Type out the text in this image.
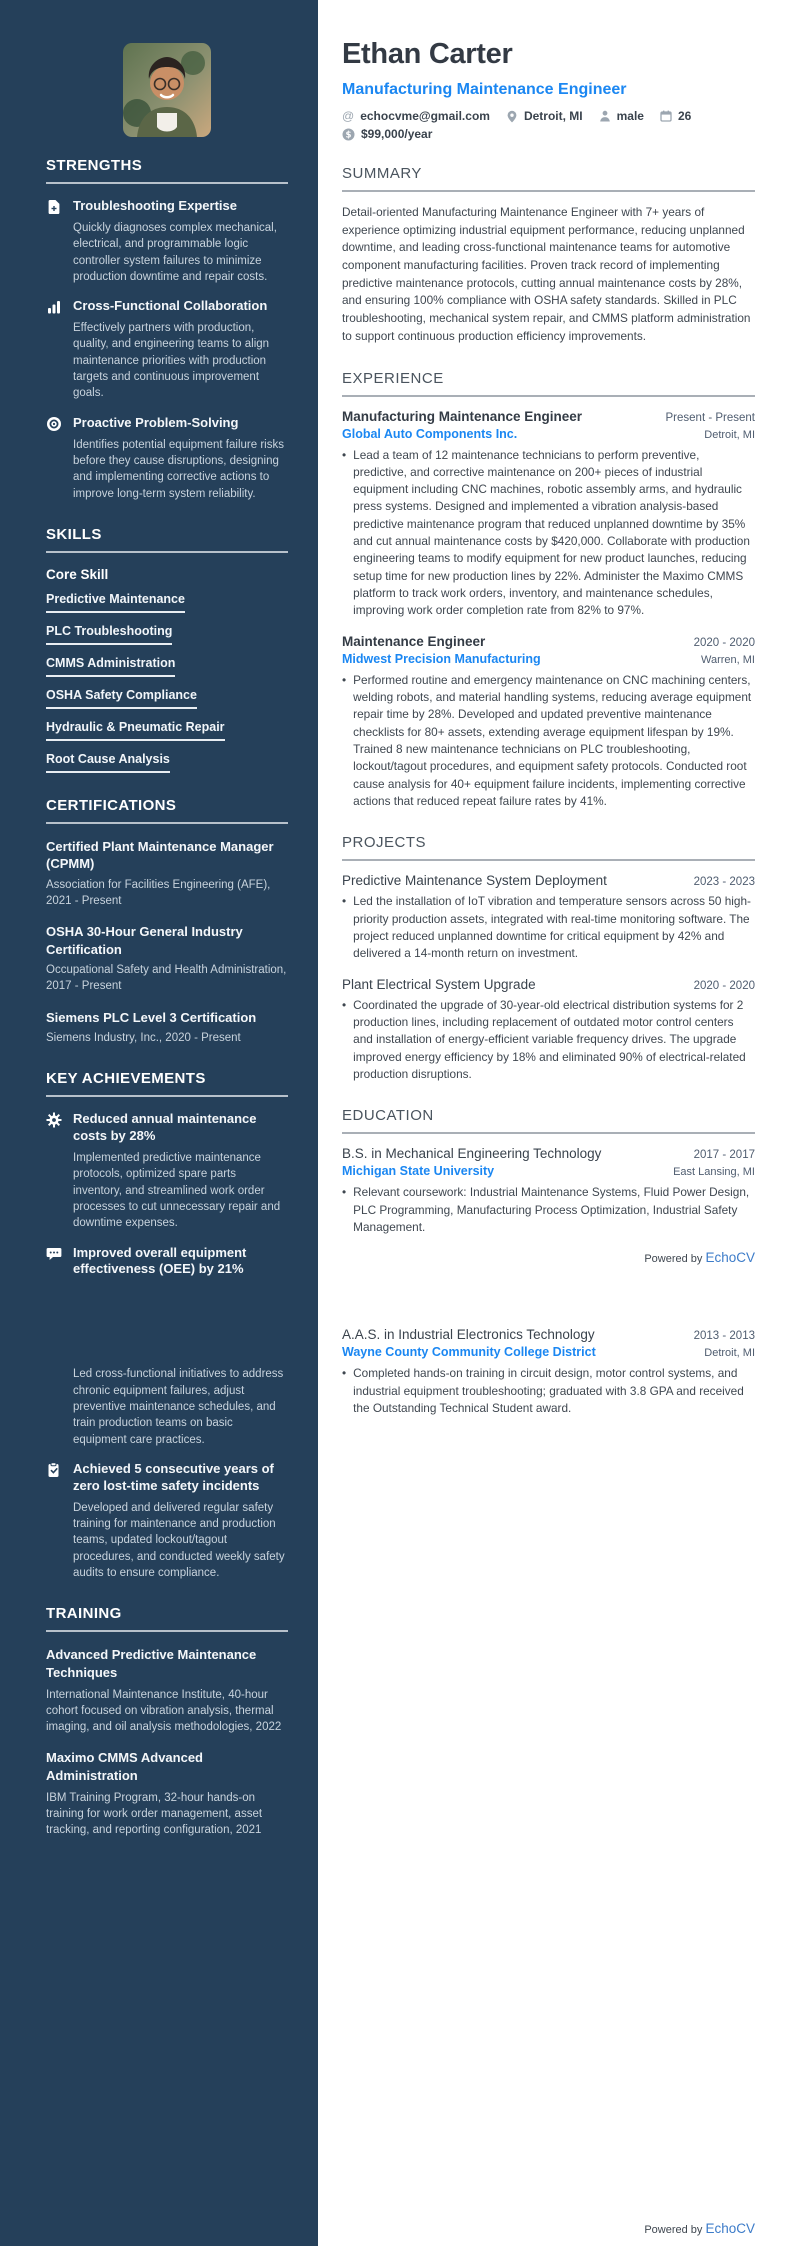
STRENGTHS
Troubleshooting Expertise
Quickly diagnoses complex mechanical, electrical, and programmable logic controller system failures to minimize production downtime and repair costs.
Cross-Functional Collaboration
Effectively partners with production, quality, and engineering teams to align maintenance priorities with production targets and continuous improvement goals.
Proactive Problem-Solving
Identifies potential equipment failure risks before they cause disruptions, designing and implementing corrective actions to improve long-term system reliability.
SKILLS
Core Skill
Predictive Maintenance
PLC Troubleshooting
CMMS Administration
OSHA Safety Compliance
Hydraulic & Pneumatic Repair
Root Cause Analysis
CERTIFICATIONS
Certified Plant Maintenance Manager (CPMM)
Association for Facilities Engineering (AFE), 2021 - Present
OSHA 30-Hour General Industry Certification
Occupational Safety and Health Administration, 2017 - Present
Siemens PLC Level 3 Certification
Siemens Industry, Inc., 2020 - Present
KEY ACHIEVEMENTS
Reduced annual maintenance costs by 28%
Implemented predictive maintenance protocols, optimized spare parts inventory, and streamlined work order processes to cut unnecessary repair and downtime expenses.
Improved overall equipment effectiveness (OEE) by 21%
Led cross-functional initiatives to address chronic equipment failures, adjust preventive maintenance schedules, and train production teams on basic equipment care practices.
Achieved 5 consecutive years of zero lost-time safety incidents
Developed and delivered regular safety training for maintenance and production teams, updated lockout/tagout procedures, and conducted weekly safety audits to ensure compliance.
TRAINING
Advanced Predictive Maintenance Techniques
International Maintenance Institute, 40-hour cohort focused on vibration analysis, thermal imaging, and oil analysis methodologies, 2022
Maximo CMMS Advanced Administration
IBM Training Program, 32-hour hands-on training for work order management, asset tracking, and reporting configuration, 2021
Ethan Carter
Manufacturing Maintenance Engineer
@ echocvme@gmail.com	Detroit, MI	male	26
$ $99,000/year
SUMMARY

Detail-oriented Manufacturing Maintenance Engineer with 7+ years of experience optimizing industrial equipment performance, reducing unplanned downtime, and leading cross-functional maintenance teams for automotive component manufacturing facilities. Proven track record of implementing predictive maintenance protocols, cutting annual maintenance costs by 28%, and ensuring 100% compliance with OSHA safety standards. Skilled in PLC troubleshooting, mechanical system repair, and CMMS platform administration to support continuous production efficiency improvements.

EXPERIENCE
Manufacturing Maintenance Engineer	Present - Present
Global Auto Components Inc.	Detroit, MI
• Lead a team of 12 maintenance technicians to perform preventive, predictive, and corrective maintenance on 200+ pieces of industrial equipment including CNC machines, robotic assembly arms, and hydraulic press systems. Designed and implemented a vibration analysis-based predictive maintenance program that reduced unplanned downtime by 35% and cut annual maintenance costs by $420,000. Collaborate with production engineering teams to modify equipment for new product launches, reducing setup time for new production lines by 22%. Administer the Maximo CMMS platform to track work orders, inventory, and maintenance schedules, improving work order completion rate from 82% to 97%.
Maintenance Engineer	2020 - 2020
Midwest Precision Manufacturing	Warren, MI
• Performed routine and emergency maintenance on CNC machining centers, welding robots, and material handling systems, reducing average equipment repair time by 28%. Developed and updated preventive maintenance checklists for 80+ assets, extending average equipment lifespan by 19%. Trained 8 new maintenance technicians on PLC troubleshooting, lockout/tagout procedures, and equipment safety protocols. Conducted root cause analysis for 40+ equipment failure incidents, implementing corrective actions that reduced repeat failure rates by 41%.
PROJECTS
Predictive Maintenance System Deployment	2023 - 2023
• Led the installation of IoT vibration and temperature sensors across 50 high-priority production assets, integrated with real-time monitoring software. The project reduced unplanned downtime for critical equipment by 42% and delivered a 14-month return on investment.
Plant Electrical System Upgrade	2020 - 2020
• Coordinated the upgrade of 30-year-old electrical distribution systems for 2 production lines, including replacement of outdated motor control centers and installation of energy-efficient variable frequency drives. The upgrade improved energy efficiency by 18% and eliminated 90% of electrical-related production disruptions.
EDUCATION
B.S. in Mechanical Engineering Technology	2017 - 2017
Michigan State University	East Lansing, MI
• Relevant coursework: Industrial Maintenance Systems, Fluid Power Design, PLC Programming, Manufacturing Process Optimization, Industrial Safety Management.
Powered by EchoCV
A.A.S. in Industrial Electronics Technology	2013 - 2013
Wayne County Community College District	Detroit, MI
• Completed hands-on training in circuit design, motor control systems, and industrial equipment troubleshooting; graduated with 3.8 GPA and received the Outstanding Technical Student award.
Powered by EchoCV
